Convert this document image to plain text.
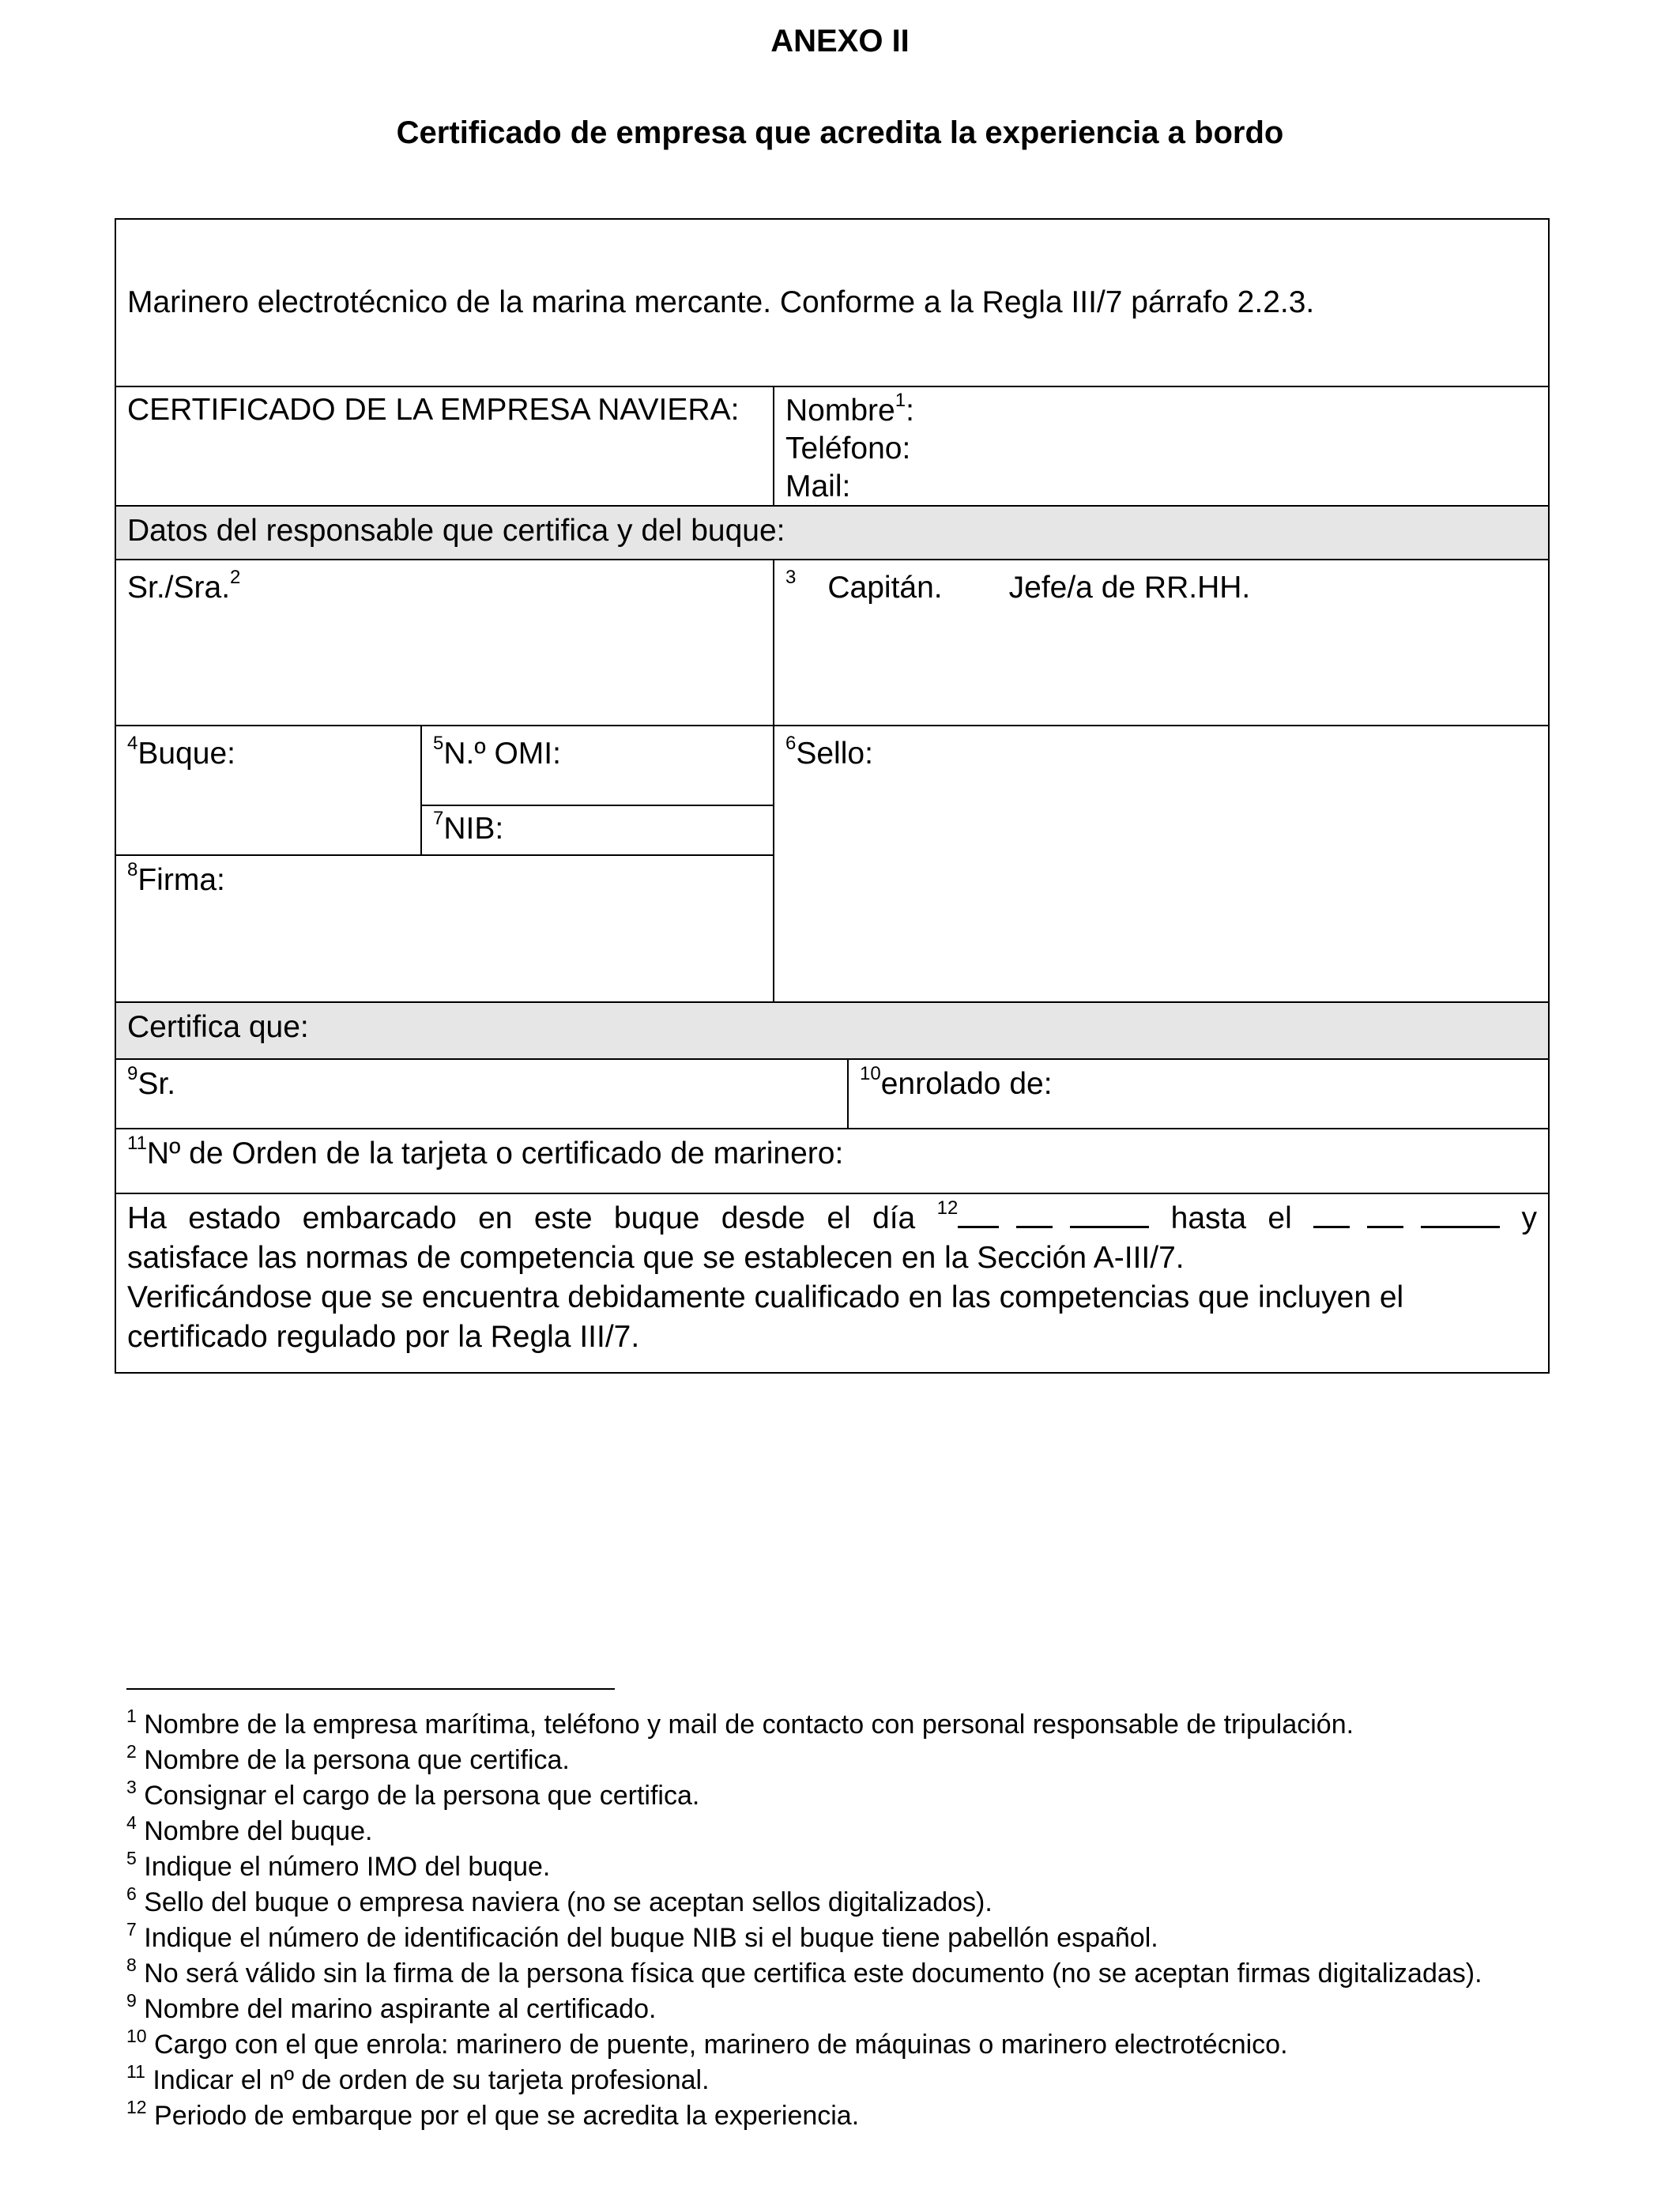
ANEXO II
Certificado de empresa que acredita la experiencia a bordo
Marinero electrotécnico de la marina mercante. Conforme a la Regla III/7 párrafo 2.2.3.
CERTIFICADO DE LA EMPRESA NAVIERA:	Nombre$^1$:
Teléfono:
Mail:
Datos del responsable que certifica y del buque:
Sr./Sra.$^2$	$^3$ Capitán. Jefe/a de RR.HH.
$^4$Buque:	$^5$N.º OMI:
$^7$NIB:
$^6$Sello:
$^8$Firma:
Certifica que:
$^9$Sr.	$^{10}$enrolado de:
$^{11}$Nº de Orden de la tarjeta o certificado de marinero:
Ha estado embarcado en este buque desde el día $^{12}$	hasta el	y
satisface las normas de competencia que se establecen en la Sección A-III/7.
Verificándose que se encuentra debidamente cualificado en las competencias que incluyen el certificado regulado por la Regla III/7.
$^1$ Nombre de la empresa marítima, teléfono y mail de contacto con personal responsable de tripulación.
$^2$ Nombre de la persona que certifica.
$^3$ Consignar el cargo de la persona que certifica.
$^4$ Nombre del buque.
$^5$ Indique el número IMO del buque.
$^6$ Sello del buque o empresa naviera (no se aceptan sellos digitalizados).
$^7$ Indique el número de identificación del buque NIB si el buque tiene pabellón español.
$^8$ No será válido sin la firma de la persona física que certifica este documento (no se aceptan firmas digitalizadas).
$^9$ Nombre del marino aspirante al certificado.
$^{10}$ Cargo con el que enrola: marinero de puente, marinero de máquinas o marinero electrotécnico.
$^{11}$ Indicar el nº de orden de su tarjeta profesional.
$^{12}$ Periodo de embarque por el que se acredita la experiencia.
